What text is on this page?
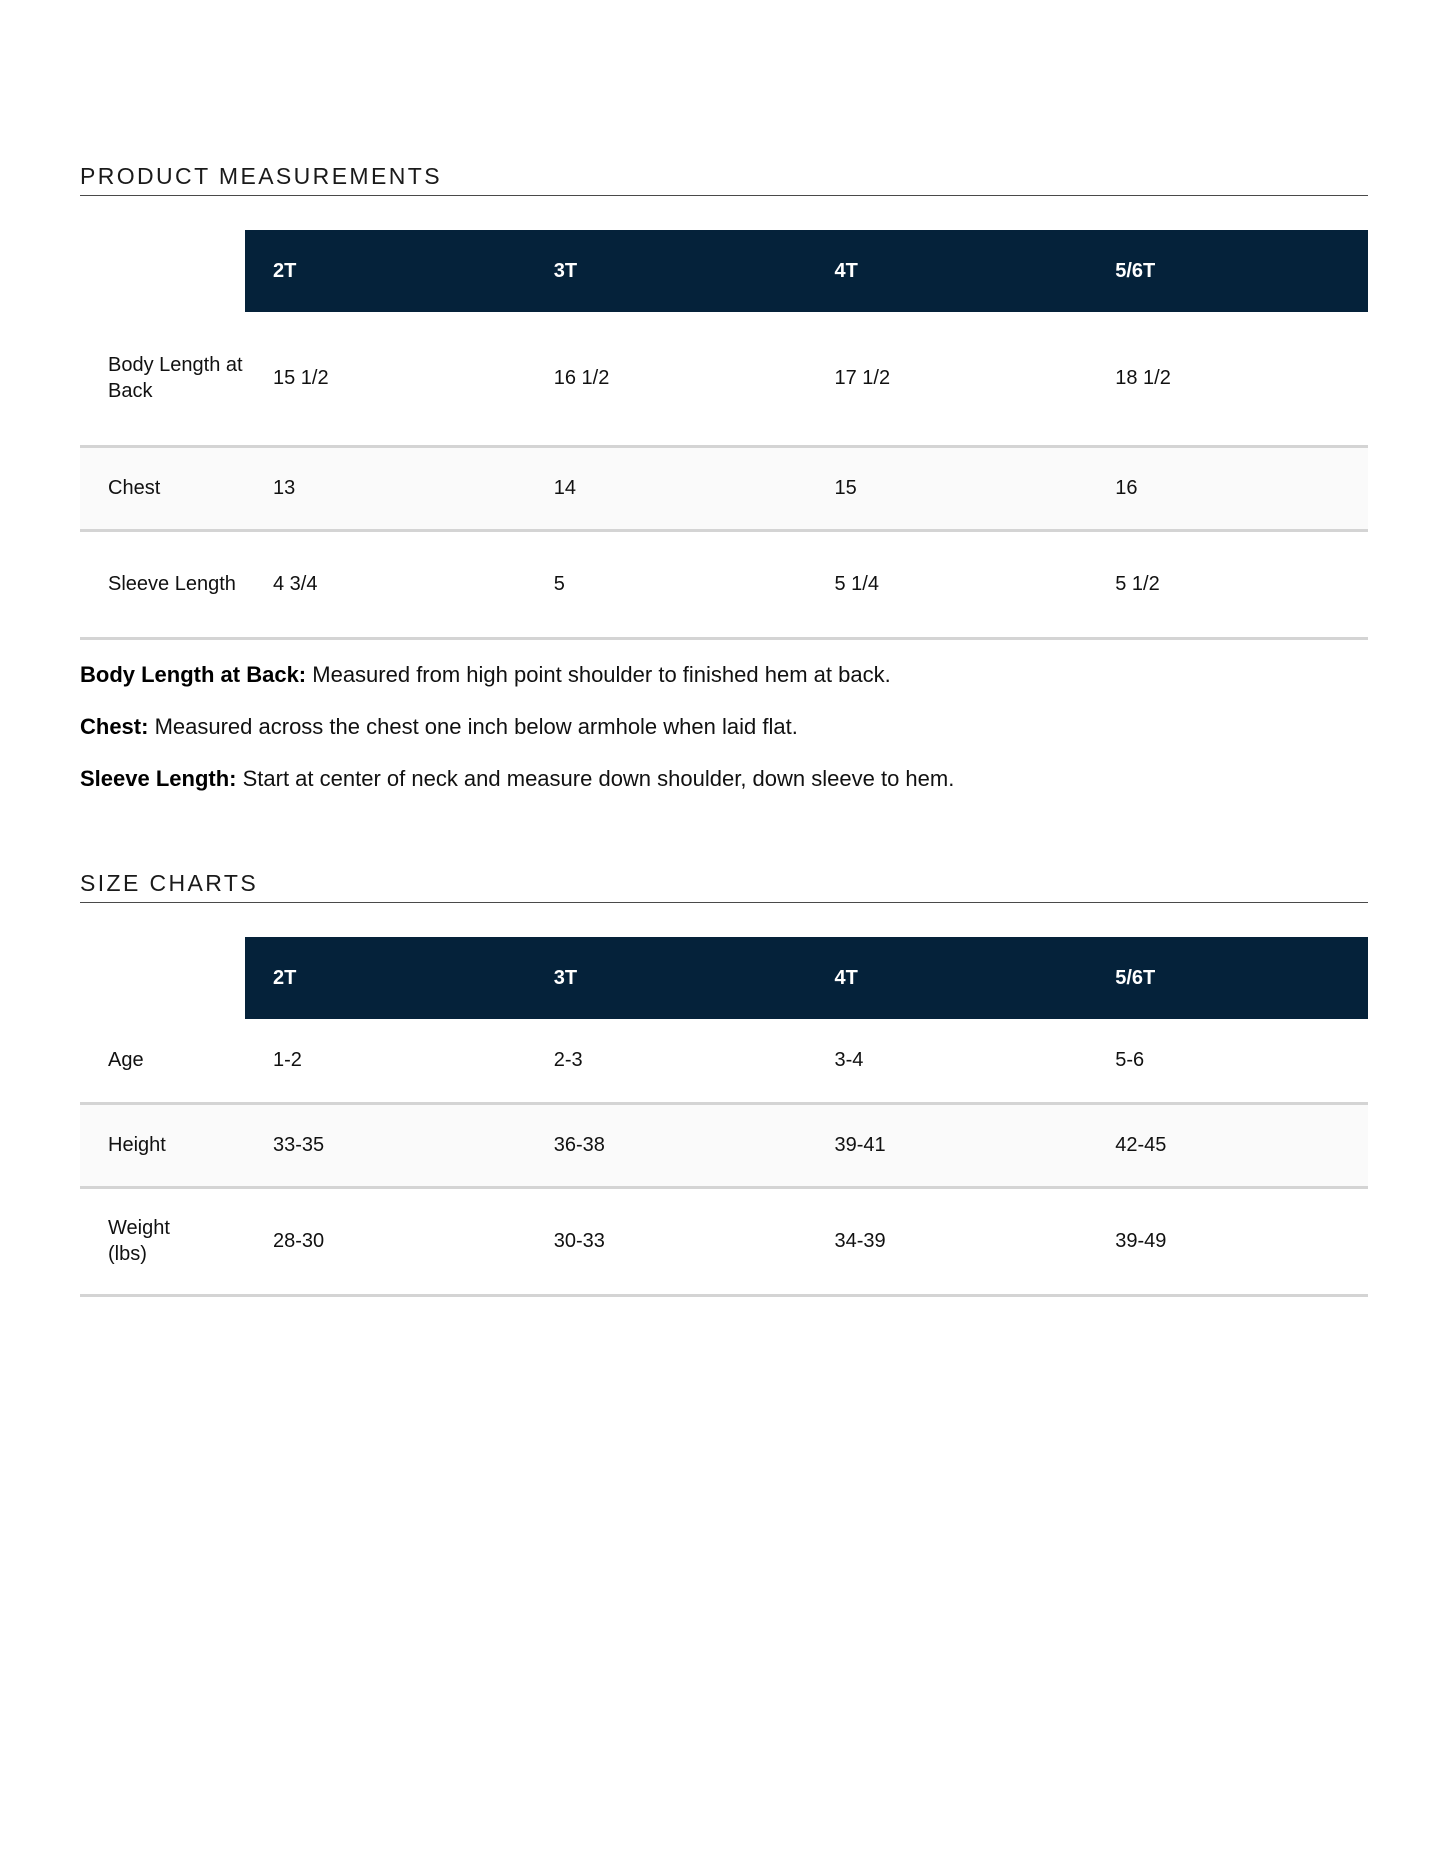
PRODUCT MEASUREMENTS
	2T	3T	4T	5/6T
Body Length at Back	15 1/2	16 1/2	17 1/2	18 1/2
Chest	13	14	15	16
Sleeve Length	4 3/4	5	5 1/4	5 1/2

Body Length at Back: Measured from high point shoulder to finished hem at back.

Chest: Measured across the chest one inch below armhole when laid flat.

Sleeve Length: Start at center of neck and measure down shoulder, down sleeve to hem.

SIZE CHARTS
	2T	3T	4T	5/6T
Age	1-2	2-3	3-4	5-6
Height	33-35	36-38	39-41	42-45
Weight (lbs)	28-30	30-33	34-39	39-49
